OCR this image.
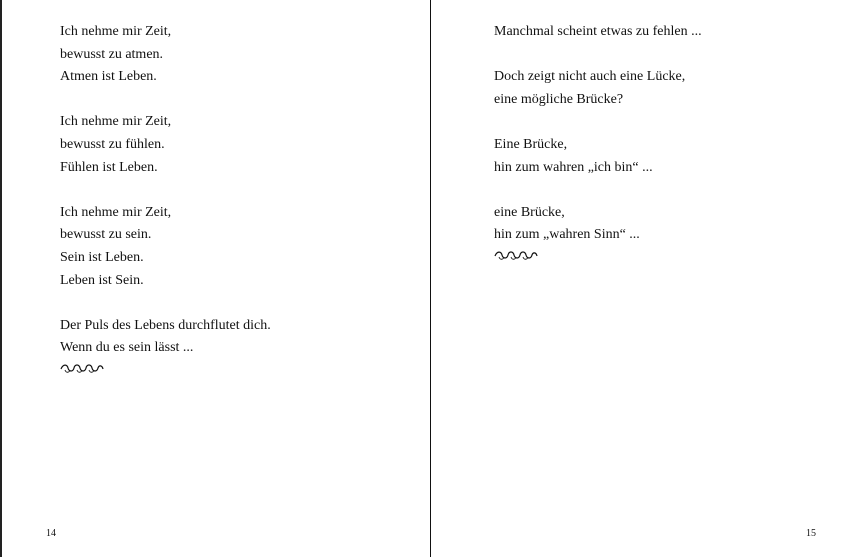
Ich nehme mir Zeit,
bewusst zu atmen.
Atmen ist Leben.
Ich nehme mir Zeit,
bewusst zu fühlen.
Fühlen ist Leben.
Ich nehme mir Zeit,
bewusst zu sein.
Sein ist Leben.
Leben ist Sein.
Der Puls des Lebens durchflutet dich.
Wenn du es sein lässt ...
14
Manchmal scheint etwas zu fehlen ...
Doch zeigt nicht auch eine Lücke,
eine mögliche Brücke?
Eine Brücke,
hin zum wahren „ich bin“ ...
eine Brücke,
hin zum „wahren Sinn“ ...
15
